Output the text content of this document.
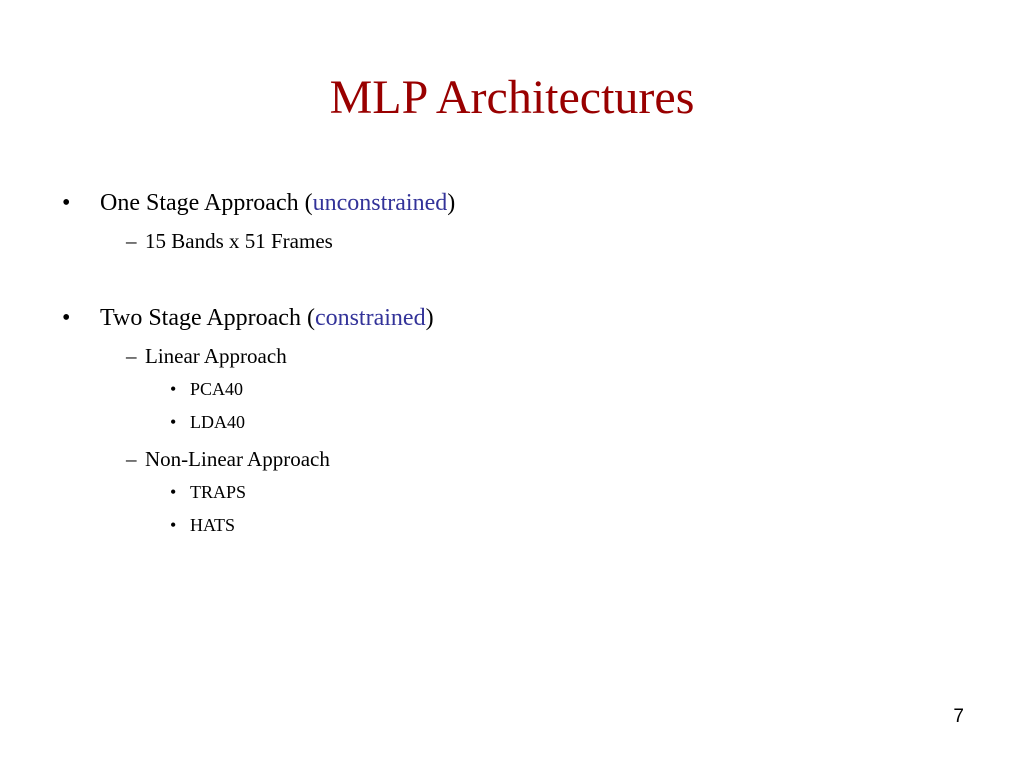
MLP Architectures
• One Stage Approach (unconstrained)
– 15 Bands x 51 Frames
• Two Stage Approach (constrained)
– Linear Approach
• PCA40
• LDA40
– Non-Linear Approach
• TRAPS
• HATS
7
